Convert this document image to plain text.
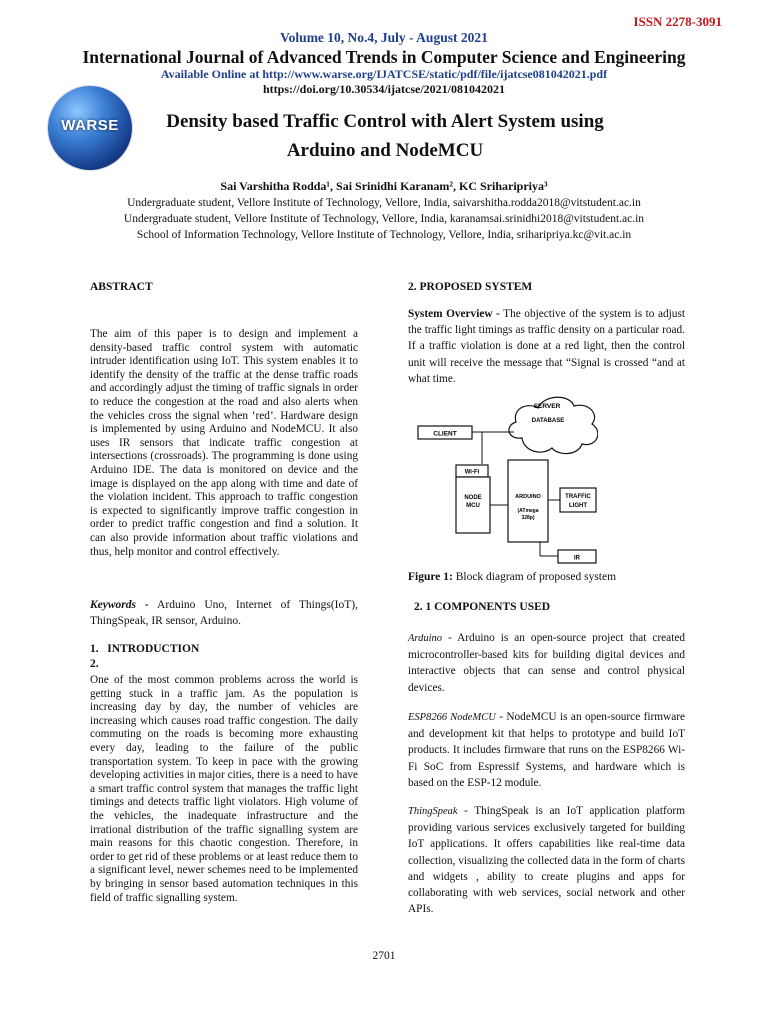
ISSN 2278-3091
Volume 10, No.4, July - August 2021
International Journal of Advanced Trends in Computer Science and Engineering
Available Online at http://www.warse.org/IJATCSE/static/pdf/file/ijatcse081042021.pdf
https://doi.org/10.30534/ijatcse/2021/081042021
WARSE	Density based Traffic Control with Alert System using
Arduino and NodeMCU
Sai Varshitha Rodda¹, Sai Srinidhi Karanam², KC Sriharipriya³
Undergraduate student, Vellore Institute of Technology, Vellore, India, saivarshitha.rodda2018@vitstudent.ac.in
Undergraduate student, Vellore Institute of Technology, Vellore, India, karanamsai.srinidhi2018@vitstudent.ac.in
School of Information Technology, Vellore Institute of Technology, Vellore, India, sriharipriya.kc@vit.ac.in
ABSTRACT
The aim of this paper is to design and implement a density-based traffic control system with automatic intruder identification using IoT. This system enables it to identify the density of the traffic at the dense traffic roads and accordingly adjust the timing of traffic signals in order to reduce the congestion at the road and also alerts when the vehicles cross the signal when ‘red’. Hardware design is implemented by using Arduino and NodeMCU. It also uses IR sensors that indicate traffic congestion at intersections (crossroads). The programming is done using Arduino IDE. The data is monitored on device and the image is displayed on the app along with time and date of the violation incident. This approach to traffic congestion is expected to significantly improve traffic congestion in order to predict traffic congestion and find a solution. It can also provide information about traffic violations and thus, help monitor and control effectively.
Keywords - Arduino Uno, Internet of Things(IoT), ThingSpeak, IR sensor, Arduino.
1. INTRODUCTION
2.
One of the most common problems across the world is getting stuck in a traffic jam. As the population is increasing day by day, the number of vehicles are increasing which causes road traffic congestion. The daily commuting on the roads is becoming more exhausting every day, leading to the failure of the public transportation system. To keep in pace with the growing developing activities in major cities, there is a need to have a smart traffic control system that manages the traffic light timings and detects traffic light violators. High volume of the vehicles, the inadequate infrastructure and the irrational distribution of the traffic signalling system are main reasons for this chaotic congestion. Therefore, in order to get rid of these problems or at least reduce them to a significant level, newer schemes need to be implemented by bringing in sensor based automation techniques in this field of traffic signalling system.
2. PROPOSED SYSTEM
System Overview - The objective of the system is to adjust the traffic light timings as traffic density on a particular road. If a traffic violation is done at a red light, then the control unit will receive the message that “Signal is crossed “and at what time.
SERVER
DATABASE
CLIENT
Wi-Fi
NODE
MCU
ARDUINO
(ATmega
328p)
TRAFFIC
LIGHT
IR
Figure 1: Block diagram of proposed system
2. 1 COMPONENTS USED
Arduino - Arduino is an open-source project that created microcontroller-based kits for building digital devices and interactive objects that can sense and control physical devices.
ESP8266 NodeMCU - NodeMCU is an open-source firmware and development kit that helps to prototype and build IoT products. It includes firmware that runs on the ESP8266 Wi-Fi SoC from Espressif Systems, and hardware which is based on the ESP-12 module.
ThingSpeak - ThingSpeak is an IoT application platform providing various services exclusively targeted for building IoT applications. It offers capabilities like real-time data collection, visualizing the collected data in the form of charts and widgets , ability to create plugins and apps for collaborating with web services, social network and other APIs.
2701
